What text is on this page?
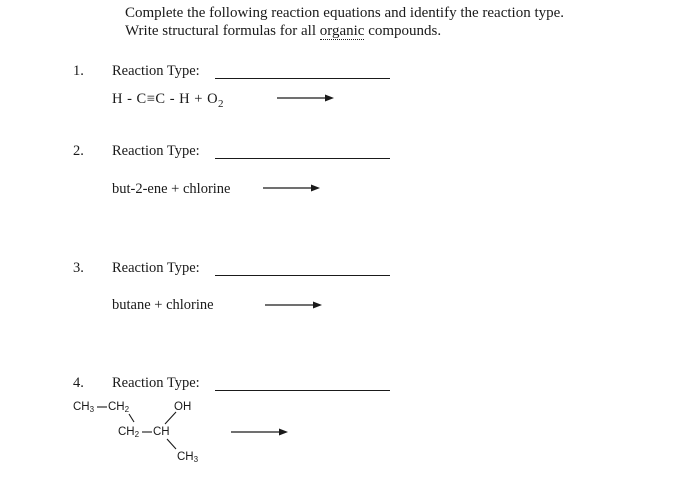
Complete the following reaction equations and identify the reaction type.
Write structural formulas for all organic compounds.
1. Reaction Type:
$H - C\equiv C - H + O_2$
2. Reaction Type:
but-2-ene + chlorine
3. Reaction Type:
butane + chlorine
4. Reaction Type:
$CH_3$ $CH_2$	OH
$CH_2$ CH
$CH_3$
